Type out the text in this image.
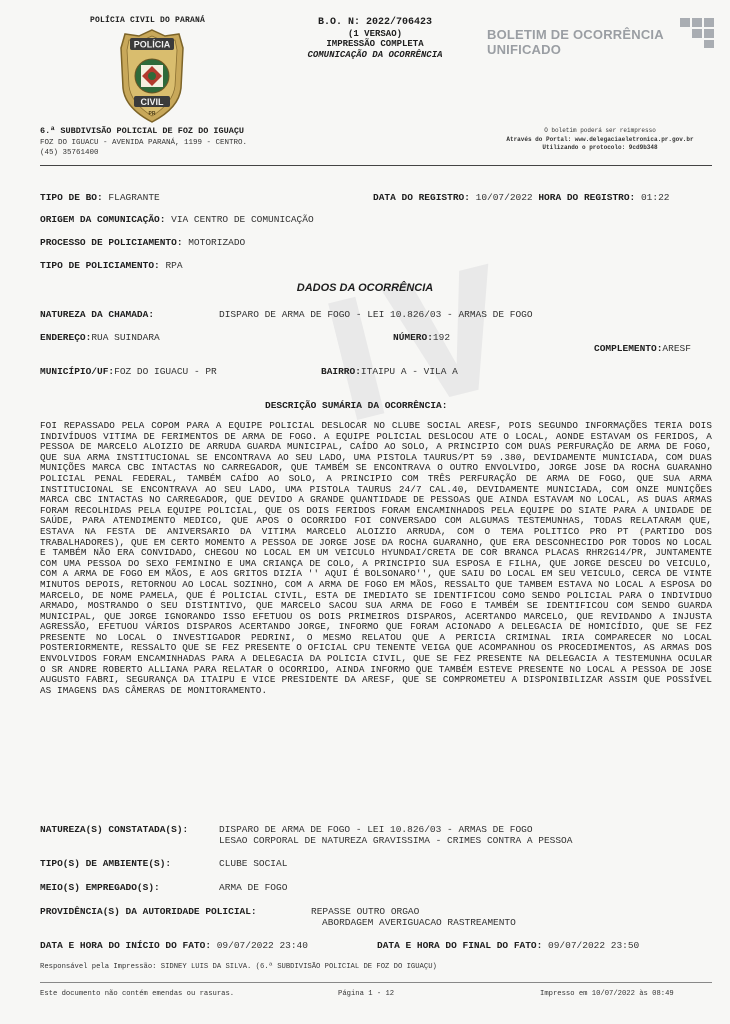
POLÍCIA CIVIL DO PARANÁ
POLÍCIA
CIVIL
PR
B.O. N: 2022/706423
(1 VERSAO)
IMPRESSÃO COMPLETA
COMUNICAÇÃO DA OCORRÊNCIA
BOLETIM DE OCORRÊNCIA UNIFICADO
6.ª SUBDIVISÃO POLICIAL DE FOZ DO IGUAÇU
FOZ DO IGUACU - AVENIDA PARANÁ, 1199 - CENTRO.
(45) 35761400
O boletim poderá ser reimpresso
Através do Portal: www.delegaciaeletronica.pr.gov.br
Utilizando o protocolo: 9cd9b348
TIPO DE BO: FLAGRANTE	DATA DO REGISTRO: 10/07/2022 HORA DO REGISTRO: 01:22
ORIGEM DA COMUNICAÇÃO: VIA CENTRO DE COMUNICAÇÃO
PROCESSO DE POLICIAMENTO: MOTORIZADO
TIPO DE POLICIAMENTO: RPA
DADOS DA OCORRÊNCIA
NATUREZA DA CHAMADA:	DISPARO DE ARMA DE FOGO - LEI 10.826/03 - ARMAS DE FOGO
ENDEREÇO:RUA SUINDARA	NÚMERO:192
COMPLEMENTO:ARESF
MUNICÍPIO/UF:FOZ DO IGUACU - PR	BAIRRO:ITAIPU A - VILA A
DESCRIÇÃO SUMÁRIA DA OCORRÊNCIA:

FOI REPASSADO PELA COPOM PARA A EQUIPE POLICIAL DESLOCAR NO CLUBE SOCIAL ARESF, POIS SEGUNDO INFORMAÇÕES TERIA DOIS INDIVÍDUOS VITIMA DE FERIMENTOS DE ARMA DE FOGO. A EQUIPE POLICIAL DESLOCOU ATE O LOCAL, AONDE ESTAVAM OS FERIDOS, A PESSOA DE MARCELO ALOIZIO DE ARRUDA GUARDA MUNICIPAL, CAÍDO AO SOLO, A PRINCIPIO COM DUAS PERFURAÇÃO DE ARMA DE FOGO, QUE SUA ARMA INSTITUCIONAL SE ENCONTRAVA AO SEU LADO, UMA PISTOLA TAURUS/PT 59 .380, DEVIDAMENTE MUNICIADA, COM DUAS MUNIÇÕES MARCA CBC INTACTAS NO CARREGADOR, QUE TAMBÉM SE ENCONTRAVA O OUTRO ENVOLVIDO, JORGE JOSE DA ROCHA GUARANHO POLICIAL PENAL FEDERAL, TAMBÉM CAÍDO AO SOLO, A PRINCIPIO COM TRÊS PERFURAÇÃO DE ARMA DE FOGO, QUE SUA ARMA INSTITUCIONAL SE ENCONTRAVA AO SEU LADO, UMA PISTOLA TAURUS 24/7 CAL.40, DEVIDAMENTE MUNICIADA, COM ONZE MUNIÇÕES MARCA CBC INTACTAS NO CARREGADOR, QUE DEVIDO A GRANDE QUANTIDADE DE PESSOAS QUE AINDA ESTAVAM NO LOCAL, AS DUAS ARMAS FORAM RECOLHIDAS PELA EQUIPE POLICIAL, QUE OS DOIS FERIDOS FORAM ENCAMINHADOS PELA EQUIPE DO SIATE PARA A UNIDADE DE SAÚDE, PARA ATENDIMENTO MEDICO, QUE APOS O OCORRIDO FOI CONVERSADO COM ALGUMAS TESTEMUNHAS, TODAS RELATARAM QUE, ESTAVA NA FESTA DE ANIVERSARIO DA VITIMA MARCELO ALOIZIO ARRUDA, COM O TEMA POLITICO PRO PT (PARTIDO DOS TRABALHADORES), QUE EM CERTO MOMENTO A PESSOA DE JORGE JOSE DA ROCHA GUARANHO, QUE ERA DESCONHECIDO POR TODOS NO LOCAL E TAMBÉM NÃO ERA CONVIDADO, CHEGOU NO LOCAL EM UM VEICULO HYUNDAI/CRETA DE COR BRANCA PLACAS RHR2G14/PR, JUNTAMENTE COM UMA PESSOA DO SEXO FEMININO E UMA CRIANÇA DE COLO, A PRINCIPIO SUA ESPOSA E FILHA, QUE JORGE DESCEU DO VEICULO, COM A ARMA DE FOGO EM MÃOS, E AOS GRITOS DIZIA '' AQUI É BOLSONARO'', QUE SAIU DO LOCAL EM SEU VEICULO, CERCA DE VINTE MINUTOS DEPOIS, RETORNOU AO LOCAL SOZINHO, COM A ARMA DE FOGO EM MÃOS, RESSALTO QUE TAMBEM ESTAVA NO LOCAL A ESPOSA DO MARCELO, DE NOME PAMELA, QUE É POLICIAL CIVIL, ESTA DE IMEDIATO SE IDENTIFICOU COMO SENDO POLICIAL PARA O INDIVIDUO ARMADO, MOSTRANDO O SEU DISTINTIVO, QUE MARCELO SACOU SUA ARMA DE FOGO E TAMBÉM SE IDENTIFICOU COM SENDO GUARDA MUNICIPAL, QUE JORGE IGNORANDO ISSO EFETUOU OS DOIS PRIMEIROS DISPAROS, ACERTANDO MARCELO, QUE REVIDANDO A INJUSTA AGRESSÃO, EFETUOU VÁRIOS DISPAROS ACERTANDO JORGE, INFORMO QUE FORAM ACIONADO A DELEGACIA DE HOMICÍDIO, QUE SE FEZ PRESENTE NO LOCAL O INVESTIGADOR PEDRINI, O MESMO RELATOU QUE A PERICIA CRIMINAL IRIA COMPARECER NO LOCAL POSTERIORMENTE, RESSALTO QUE SE FEZ PRESENTE O OFICIAL CPU TENENTE VEIGA QUE ACOMPANHOU OS PROCEDIMENTOS, AS ARMAS DOS ENVOLVIDOS FORAM ENCAMINHADAS PARA A DELEGACIA DA POLICIA CIVIL, QUE SE FEZ PRESENTE NA DELEGACIA A TESTEMUNHA OCULAR O SR ANDRE ROBERTO ALLIANA PARA RELATAR O OCORRIDO, AINDA INFORMO QUE TAMBÉM ESTEVE PRESENTE NO LOCAL A PESSOA DE JOSE AUGUSTO FABRI, SEGURANÇA DA ITAIPU E VICE PRESIDENTE DA ARESF, QUE SE COMPROMETEU A DISPONIBILIZAR ASSIM QUE POSSÍVEL AS IMAGENS DAS CÂMERAS DE MONITORAMENTO.

NATUREZA(S) CONSTATADA(S):	DISPARO DE ARMA DE FOGO - LEI 10.826/03 - ARMAS DE FOGO
LESAO CORPORAL DE NATUREZA GRAVISSIMA - CRIMES CONTRA A PESSOA
TIPO(S) DE AMBIENTE(S):	CLUBE SOCIAL
MEIO(S) EMPREGADO(S):	ARMA DE FOGO
PROVIDÊNCIA(S) DA AUTORIDADE POLICIAL:	REPASSE OUTRO ORGAO
ABORDAGEM AVERIGUACAO RASTREAMENTO
DATA E HORA DO INÍCIO DO FATO: 09/07/2022 23:40	DATA E HORA DO FINAL DO FATO: 09/07/2022 23:50
Responsável pela Impressão: SIDNEY LUIS DA SILVA. (6.ª SUBDIVISÃO POLICIAL DE FOZ DO IGUAÇU)
Este documento não contém emendas ou rasuras.	Página 1 - 12	Impresso em 10/07/2022 às 08:49
